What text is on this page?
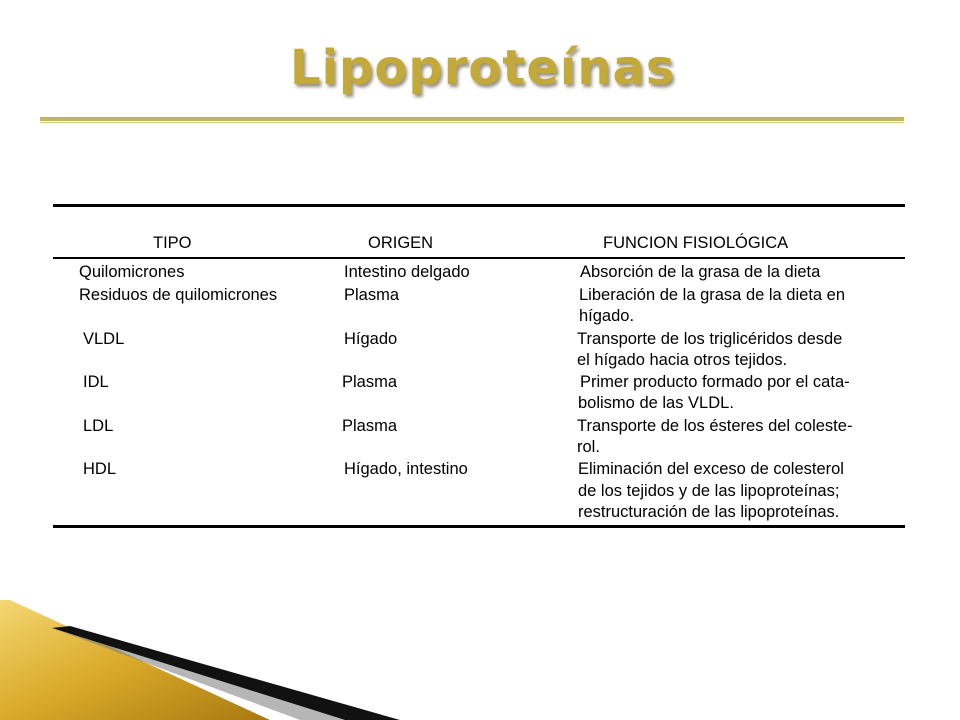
Lipoproteínas
TIPO	ORIGEN	FUNCION FISIOLÓGICA
Quilomicrones	Intestino delgado	Absorción de la grasa de la dieta
Residuos de quilomicrones	Plasma	Liberación de la grasa de la dieta en
hígado.
VLDL	Hígado	Transporte de los triglicéridos desde
el hígado hacia otros tejidos.
IDL	Plasma	Primer producto formado por el cata-
bolismo de las VLDL.
LDL	Plasma	Transporte de los ésteres del coleste-
rol.
HDL	Hígado, intestino	Eliminación del exceso de colesterol
de los tejidos y de las lipoproteínas;
restructuración de las lipoproteínas.
